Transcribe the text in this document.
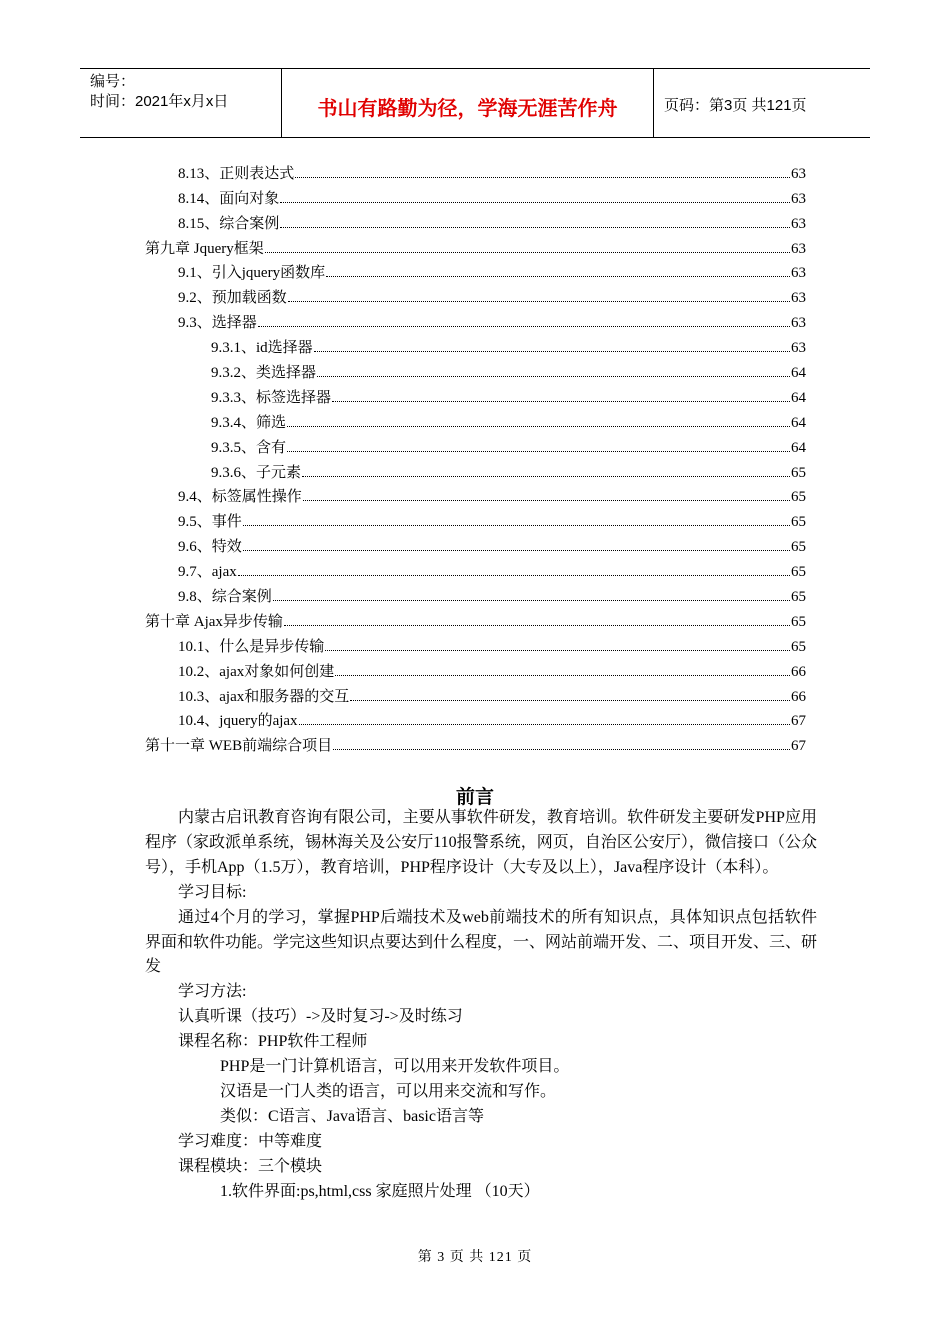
编号：
时间：2021年x月x日	书山有路勤为径，学海无涯苦作舟	页码：第3页 共121页
8.13、正则表达式	63
8.14、面向对象	63
8.15、综合案例	63
第九章 Jquery框架	63
9.1、引入jquery函数库	63
9.2、预加载函数	63
9.3、选择器	63
9.3.1、id选择器	63
9.3.2、类选择器	64
9.3.3、标签选择器	64
9.3.4、筛选	64
9.3.5、含有	64
9.3.6、子元素	65
9.4、标签属性操作	65
9.5、事件	65
9.6、特效	65
9.7、ajax	65
9.8、综合案例	65
第十章 Ajax异步传输	65
10.1、什么是异步传输	65
10.2、ajax对象如何创建	66
10.3、ajax和服务器的交互	66
10.4、jquery的ajax	67
第十一章 WEB前端综合项目	67
前言

内蒙古启讯教育咨询有限公司，主要从事软件研发，教育培训。软件研发主要研发PHP应用程序（家政派单系统，锡林海关及公安厅110报警系统，网页，自治区公安厅），微信接口（公众号），手机App（1.5万），教育培训，PHP程序设计（大专及以上），Java程序设计（本科）。

学习目标:

通过4个月的学习，掌握PHP后端技术及web前端技术的所有知识点，具体知识点包括软件界面和软件功能。学完这些知识点要达到什么程度，一、网站前端开发、二、项目开发、三、研发

学习方法:

认真听课（技巧）->及时复习->及时练习

课程名称：PHP软件工程师

PHP是一门计算机语言，可以用来开发软件项目。

汉语是一门人类的语言，可以用来交流和写作。

类似：C语言、Java语言、basic语言等

学习难度：中等难度

课程模块：三个模块

1.软件界面:ps,html,css 家庭照片处理 （10天）

第 3 页 共 121 页
